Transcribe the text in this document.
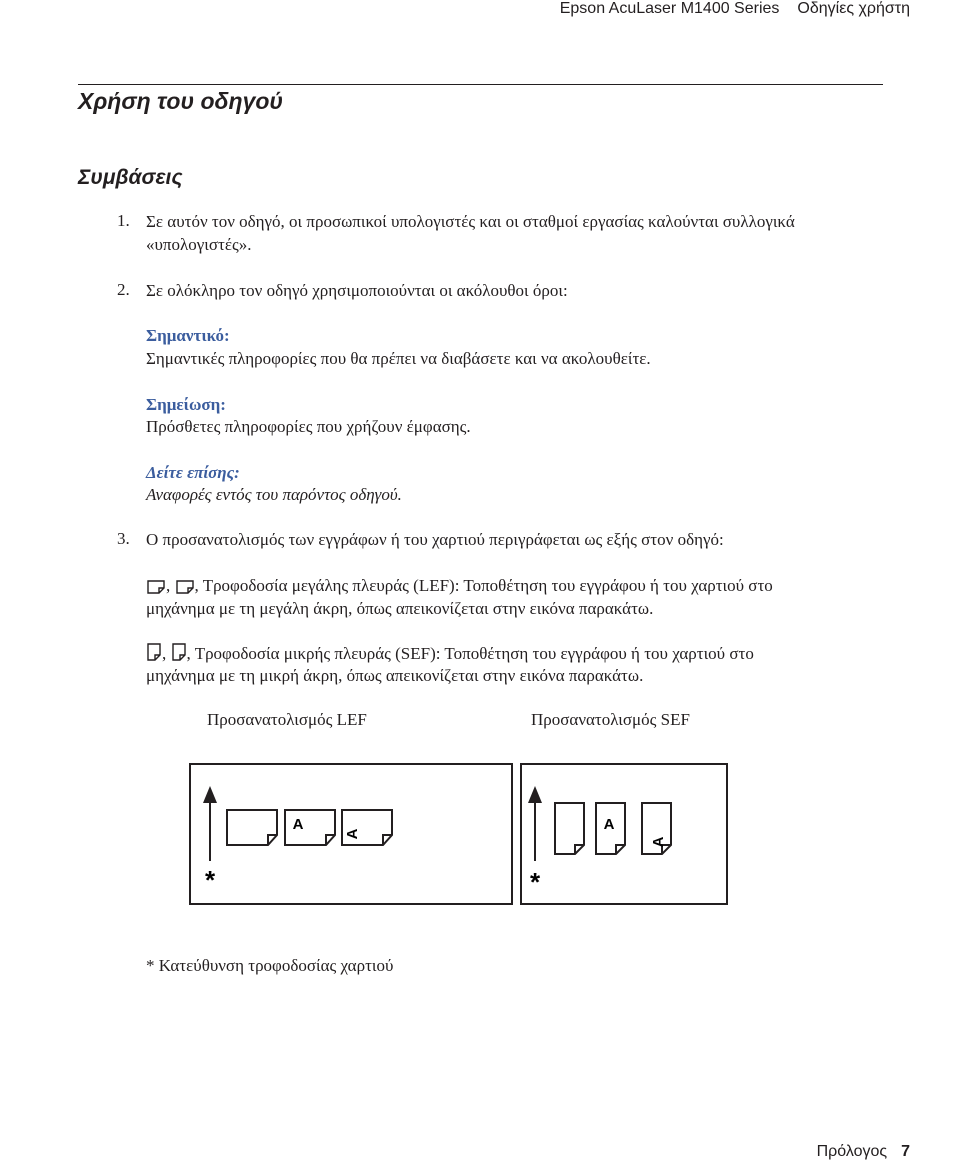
Epson AcuLaser M1400 Series Οδηγίες χρήστη
Χρήση του οδηγού
Συμβάσεις
1. Σε αυτόν τον οδηγό, οι προσωπικοί υπολογιστές και οι σταθμοί εργασίας καλούνται συλλογικά
«υπολογιστές».
2. Σε ολόκληρο τον οδηγό χρησιμοποιούνται οι ακόλουθοι όροι:
Σημαντικό:
Σημαντικές πληροφορίες που θα πρέπει να διαβάσετε και να ακολουθείτε.
Σημείωση:
Πρόσθετες πληροφορίες που χρήζουν έμφασης.
Δείτε επίσης:
Αναφορές εντός του παρόντος οδηγού.
3. Ο προσανατολισμός των εγγράφων ή του χαρτιού περιγράφεται ως εξής στον οδηγό:
, , Τροφοδοσία μεγάλης πλευράς (LEF): Τοποθέτηση του εγγράφου ή του χαρτιού στο
μηχάνημα με τη μεγάλη άκρη, όπως απεικονίζεται στην εικόνα παρακάτω.
, , Τροφοδοσία μικρής πλευράς (SEF): Τοποθέτηση του εγγράφου ή του χαρτιού στο
μηχάνημα με τη μικρή άκρη, όπως απεικονίζεται στην εικόνα παρακάτω.
Προσανατολισμός LEF	Προσανατολισμός SEF
*
A
A
*
A
A
* Κατεύθυνση τροφοδοσίας χαρτιού
Πρόλογος 7
